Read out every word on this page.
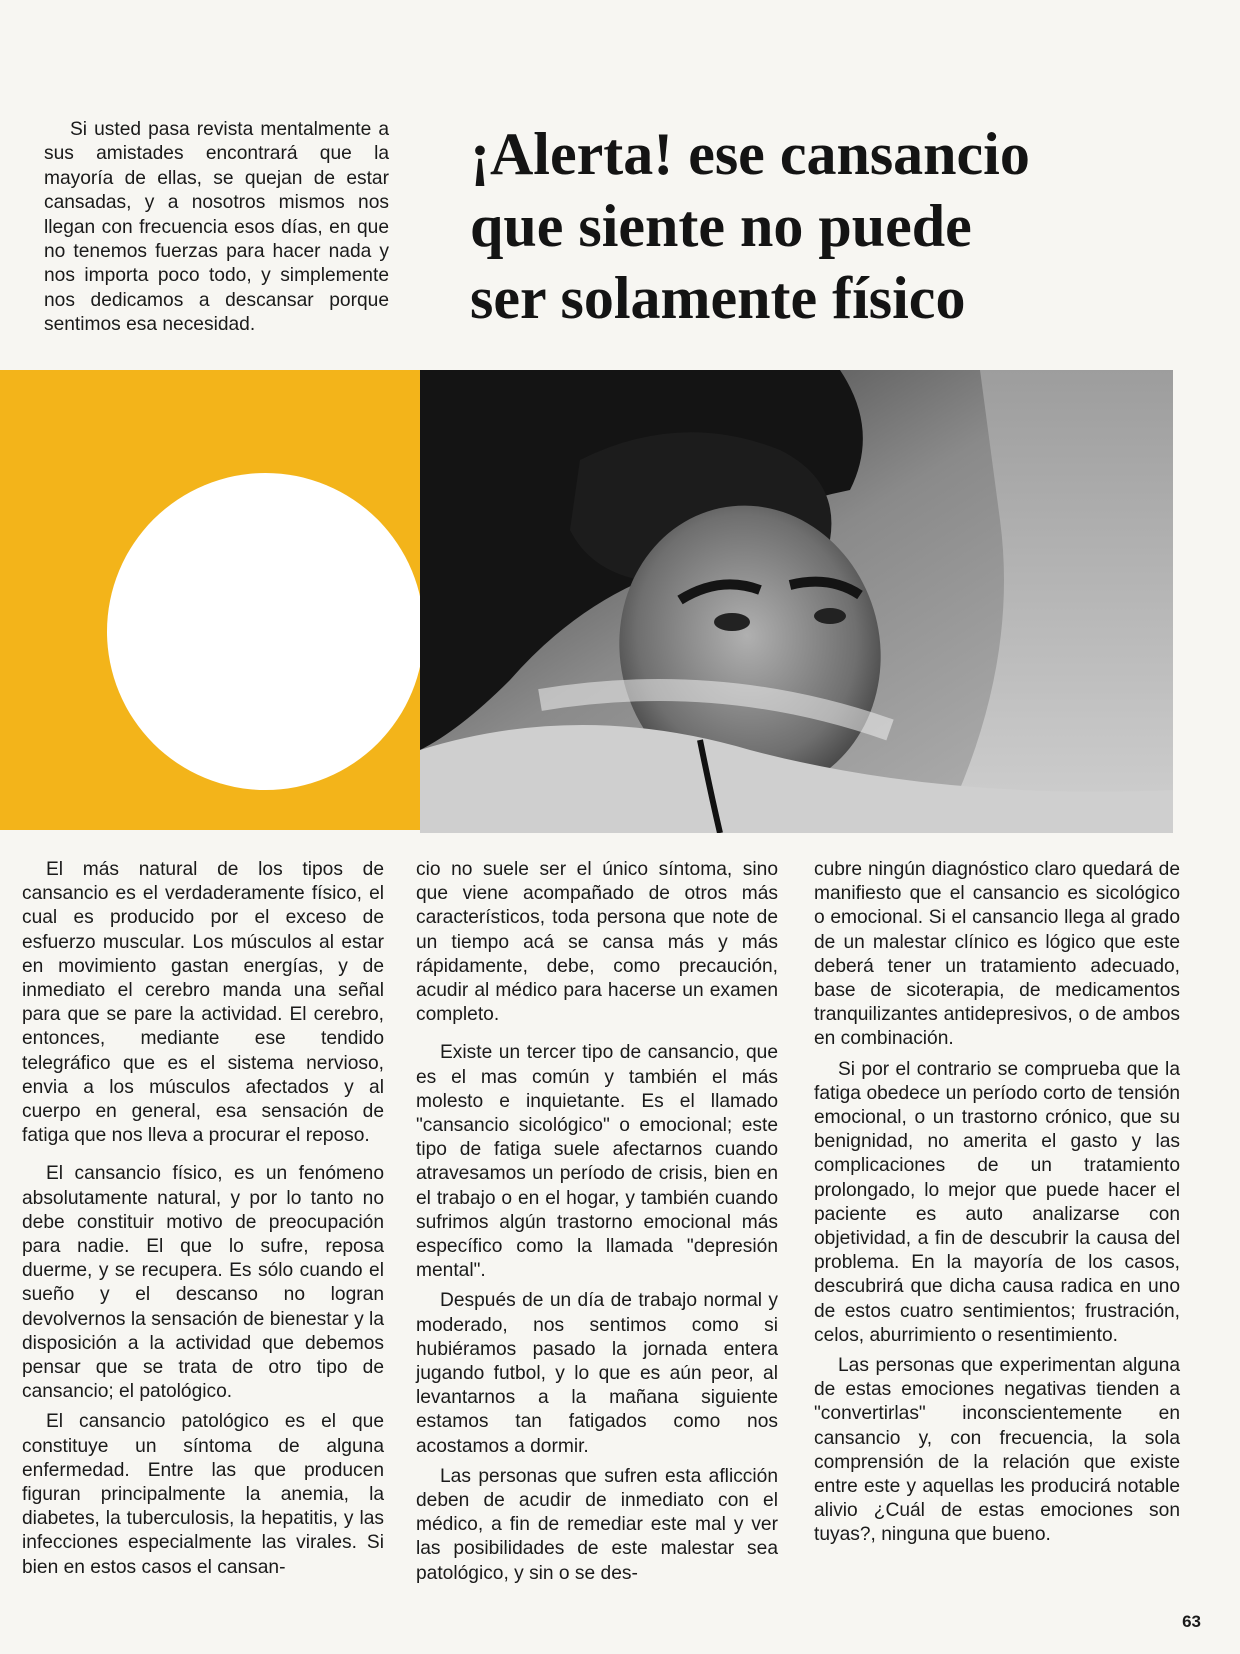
Si usted pasa revista mentalmente a sus amistades encontrará que la mayoría de ellas, se quejan de estar cansadas, y a nosotros mismos nos llegan con frecuencia esos días, en que no tenemos fuerzas para hacer nada y nos importa poco todo, y simplemente nos dedicamos a descansar porque sentimos esa necesidad.

¡Alerta! ese cansancio
que siente no puede
ser solamente físico

El más natural de los tipos de cansancio es el verdaderamente físico, el cual es producido por el exceso de esfuerzo muscular. Los músculos al estar en movimiento gastan energías, y de inmediato el cerebro manda una señal para que se pare la actividad. El cerebro, entonces, mediante ese tendido telegráfico que es el sistema nervioso, envia a los músculos afectados y al cuerpo en general, esa sensación de fatiga que nos lleva a procurar el reposo.

El cansancio físico, es un fenómeno absolutamente natural, y por lo tanto no debe constituir motivo de preocupación para nadie. El que lo sufre, reposa duerme, y se recupera. Es sólo cuando el sueño y el descanso no logran devolvernos la sensación de bienestar y la disposición a la actividad que debemos pensar que se trata de otro tipo de cansancio; el patológico.

El cansancio patológico es el que constituye un síntoma de alguna enfermedad. Entre las que producen figuran principalmente la anemia, la diabetes, la tuberculosis, la hepatitis, y las infecciones especialmente las virales. Si bien en estos casos el cansan-

cio no suele ser el único síntoma, sino que viene acompañado de otros más característicos, toda persona que note de un tiempo acá se cansa más y más rápidamente, debe, como precaución, acudir al médico para hacerse un examen completo.

Existe un tercer tipo de cansancio, que es el mas común y también el más molesto e inquietante. Es el llamado "cansancio sicológico" o emocional; este tipo de fatiga suele afectarnos cuando atravesamos un período de crisis, bien en el trabajo o en el hogar, y también cuando sufrimos algún trastorno emocional más específico como la llamada "depresión mental".

Después de un día de trabajo normal y moderado, nos sentimos como si hubiéramos pasado la jornada entera jugando futbol, y lo que es aún peor, al levantarnos a la mañana siguiente estamos tan fatigados como nos acostamos a dormir.

Las personas que sufren esta aflicción deben de acudir de inmediato con el médico, a fin de remediar este mal y ver las posibilidades de este malestar sea patológico, y sin o se des-

cubre ningún diagnóstico claro quedará de manifiesto que el cansancio es sicológico o emocional. Si el cansancio llega al grado de un malestar clínico es lógico que este deberá tener un tratamiento adecuado, base de sicoterapia, de medicamentos tranquilizantes antidepresivos, o de ambos en combinación.

Si por el contrario se comprueba que la fatiga obedece un período corto de tensión emocional, o un trastorno crónico, que su benignidad, no amerita el gasto y las complicaciones de un tratamiento prolongado, lo mejor que puede hacer el paciente es auto analizarse con objetividad, a fin de descubrir la causa del problema. En la mayoría de los casos, descubrirá que dicha causa radica en uno de estos cuatro sentimientos; frustración, celos, aburrimiento o resentimiento.

Las personas que experimentan alguna de estas emociones negativas tienden a "convertirlas" inconscientemente en cansancio y, con frecuencia, la sola comprensión de la relación que existe entre este y aquellas les producirá notable alivio ¿Cuál de estas emociones son tuyas?, ninguna que bueno.

63
